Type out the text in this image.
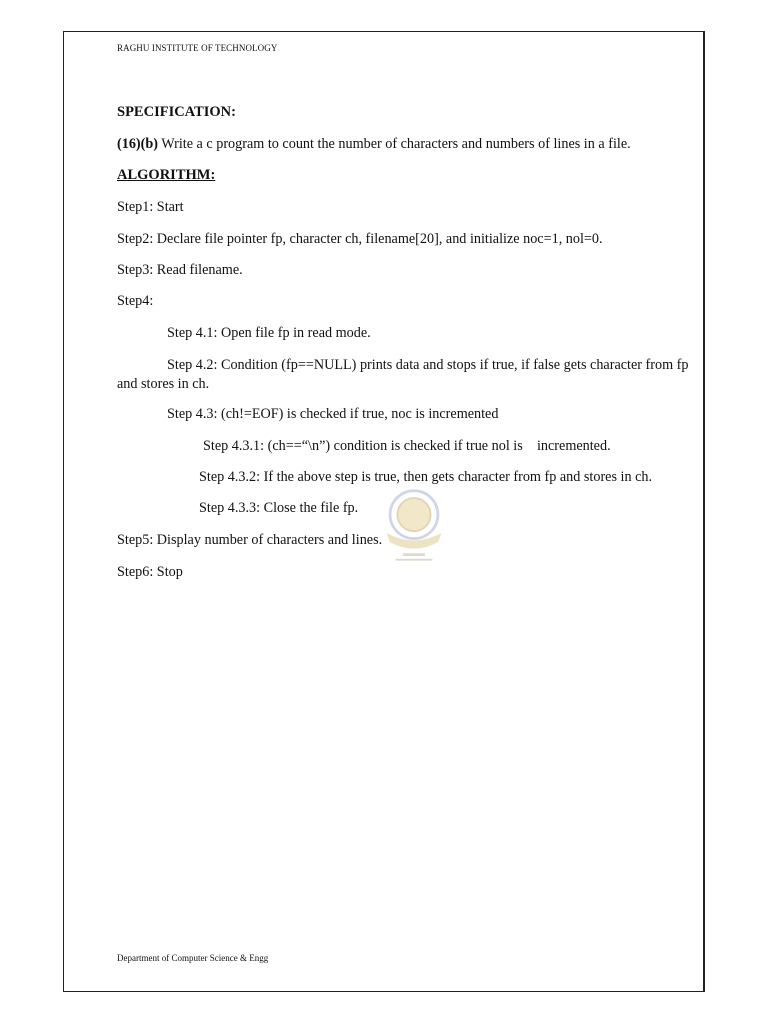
RAGHU INSTITUTE OF TECHNOLOGY
SPECIFICATION:
(16)(b) Write a c program to count the number of characters and numbers of lines in a file.
ALGORITHM:
Step1: Start
Step2: Declare file pointer fp, character ch, filename[20], and initialize noc=1, nol=0.
Step3: Read filename.
Step4:
Step 4.1: Open file fp in read mode.
Step 4.2: Condition (fp==NULL) prints data and stops if true, if false gets character from fp and stores in ch.
Step 4.3: (ch!=EOF) is checked if true, noc is incremented
Step 4.3.1: (ch==“\n”) condition is checked if true nol is    incremented.
Step 4.3.2: If the above step is true, then gets character from fp and stores in ch.
Step 4.3.3: Close the file fp.
Step5: Display number of characters and lines.
Step6: Stop
Department of Computer Science & Engg
